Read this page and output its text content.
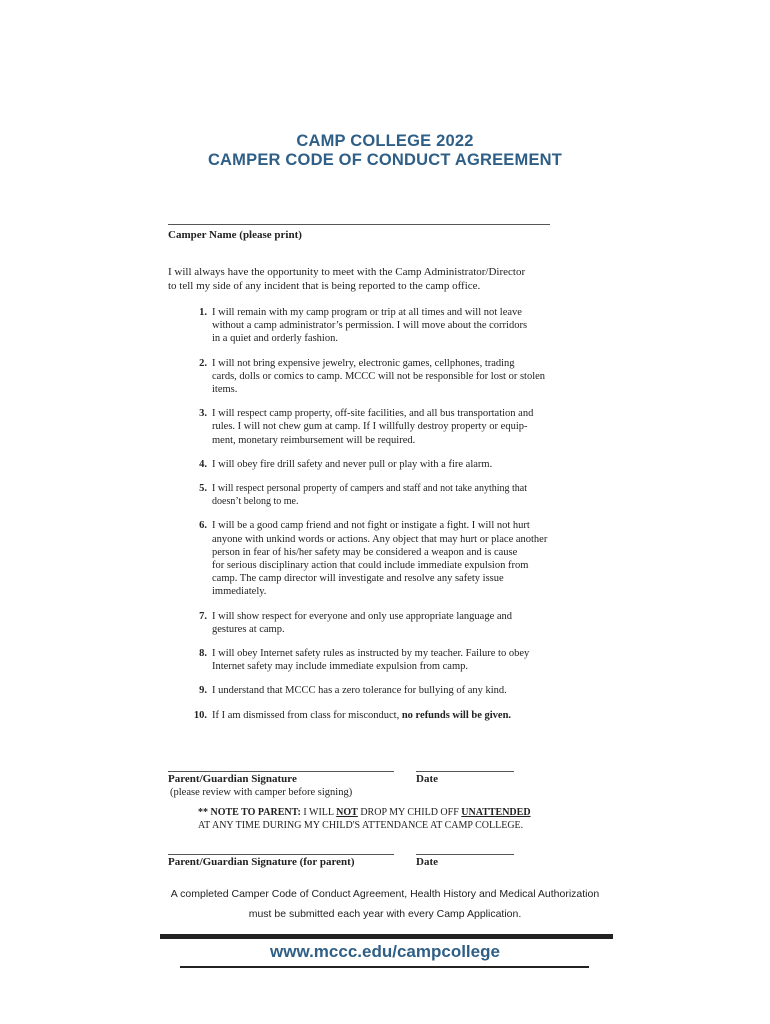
CAMP COLLEGE 2022
CAMPER CODE OF CONDUCT AGREEMENT
Camper Name (please print)

I will always have the opportunity to meet with the Camp Administrator/Director

to tell my side of any incident that is being reported to the camp office.

1. I will remain with my camp program or trip at all times and will not leave
without a camp administrator’s permission. I will move about the corridors
in a quiet and orderly fashion.
2. I will not bring expensive jewelry, electronic games, cellphones, trading
cards, dolls or comics to camp. MCCC will not be responsible for lost or stolen
items.
3. I will respect camp property, off-site facilities, and all bus transportation and
rules. I will not chew gum at camp. If I willfully destroy property or equip-
ment, monetary reimbursement will be required.
4. I will obey fire drill safety and never pull or play with a fire alarm.
5. I will respect personal property of campers and staff and not take anything that
doesn’t belong to me.
6. I will be a good camp friend and not fight or instigate a fight. I will not hurt
anyone with unkind words or actions. Any object that may hurt or place another
person in fear of his/her safety may be considered a weapon and is cause
for serious disciplinary action that could include immediate expulsion from
camp. The camp director will investigate and resolve any safety issue
immediately.
7. I will show respect for everyone and only use appropriate language and
gestures at camp.
8. I will obey Internet safety rules as instructed by my teacher. Failure to obey
Internet safety may include immediate expulsion from camp.
9. I understand that MCCC has a zero tolerance for bullying of any kind.
10. If I am dismissed from class for misconduct, no refunds will be given.
Parent/Guardian Signature	Date
(please review with camper before signing)
** NOTE TO PARENT: I WILL NOT DROP MY CHILD OFF UNATTENDED
AT ANY TIME DURING MY CHILD'S ATTENDANCE AT CAMP COLLEGE.
Parent/Guardian Signature (for parent)	Date
A completed Camper Code of Conduct Agreement, Health History and Medical Authorization
must be submitted each year with every Camp Application.
www.mccc.edu/campcollege
